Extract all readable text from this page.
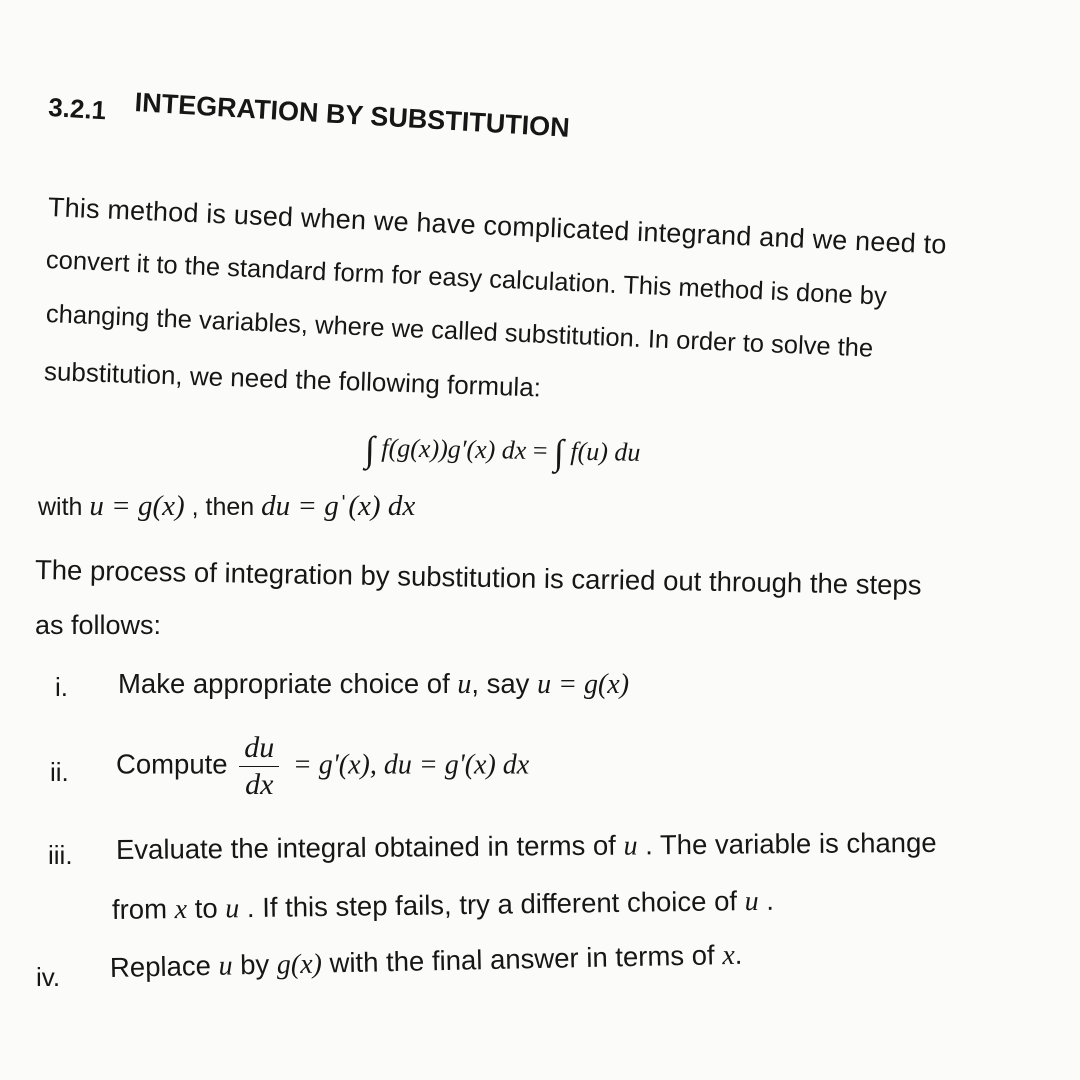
3.2.1 INTEGRATION BY SUBSTITUTION
This method is used when we have complicated integrand and we need to
convert it to the standard form for easy calculation. This method is done by
changing the variables, where we called substitution. In order to solve the
substitution, we need the following formula:
∫ f(g(x))g′(x) dx = ∫ f(u) du
with u = g(x) , then du = gˈ(x) dx
The process of integration by substitution is carried out through the steps
as follows:
i. Make appropriate choice of u, say u = g(x)
ii. Compute $\frac{du}{dx} = g'(x)$, du = g'(x) dx
iii. Evaluate the integral obtained in terms of u . The variable is change
from x to u . If this step fails, try a different choice of u .
iv. Replace u by g(x) with the final answer in terms of x.
